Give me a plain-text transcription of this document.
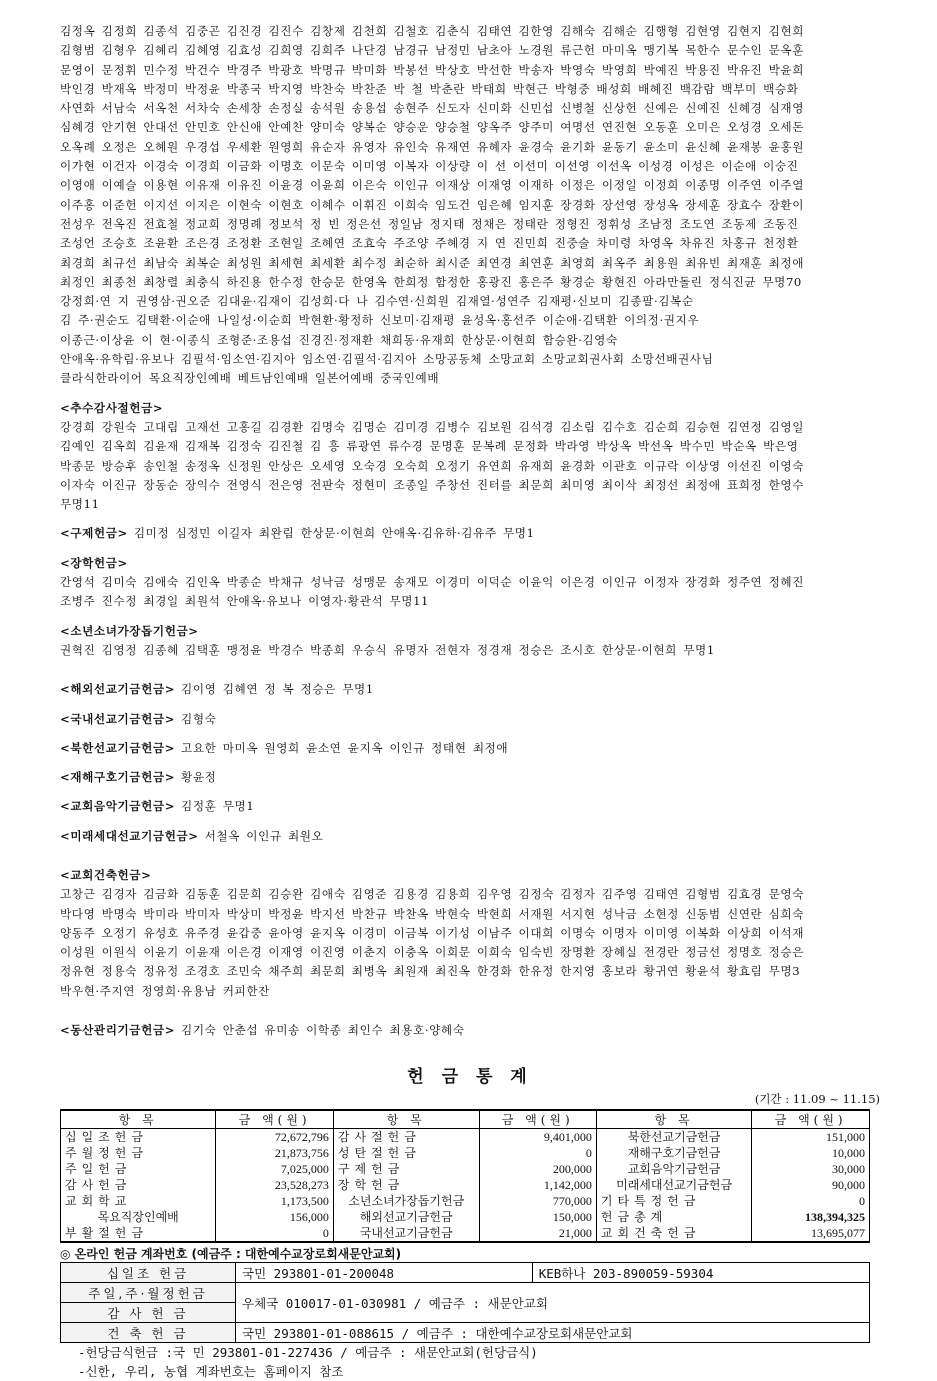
김정옥 김정희 김종석 김중곤 김진경 김진수 김창제 김천희 김철호 김춘식 김태연 김한영 김해숙 김해순 김행형 김현영 김현지 김현희

김형범 김형우 김혜리 김혜영 김효성 김희영 김희주 나단경 남경규 남정민 남초아 노경원 류근헌 마미옥 맹기복 목한수 문수인 문옥훈

문영이 문정휘 민수정 박건수 박경주 박광호 박명규 박미화 박봉선 박상호 박선한 박송자 박영숙 박영희 박예진 박용진 박유진 박윤희

박인경 박재옥 박정미 박정윤 박종국 박지영 박찬숙 박찬준 박 철 박춘란 박태희 박현근 박형중 배성희 배혜진 백감람 백부미 백승화

사연화 서남숙 서옥천 서차숙 손세창 손정실 송석원 송용섭 송현주 신도자 신미화 신민섭 신병철 신상헌 신예은 신예진 신혜경 심재영

심혜경 안기현 안대선 안민호 안신애 안예찬 양미숙 양복순 양승운 양승철 양옥주 양주미 여명선 연진현 오동훈 오미은 오성경 오세돈

오옥례 오정은 오혜원 우경섭 우세환 원영희 유순자 유영자 유인숙 유재연 유혜자 윤경숙 윤기화 윤동기 윤소미 윤신혜 윤재봉 윤홍원

이가현 이건자 이경숙 이경희 이금화 이명호 이문숙 이미영 이복자 이상량 이 선 이선미 이선영 이선옥 이성경 이성은 이순애 이숭진

이영애 이예슬 이용현 이유재 이유진 이윤경 이윤희 이은숙 이인규 이재상 이재영 이재하 이정은 이정일 이정희 이종명 이주연 이주열

이주홍 이준헌 이지선 이지은 이현숙 이현호 이혜수 이휘진 이희숙 임도건 임은혜 임지훈 장경화 장선영 장성옥 장세훈 장효수 장환이

전성우 전옥진 전효철 정교희 정명례 정보석 정 빈 정은선 정일남 정지태 정채은 정태란 정형진 정휘성 조남정 조도연 조동제 조동진

조성언 조승호 조윤환 조은경 조정환 조현일 조혜연 조효숙 주조양 주혜경 지 연 진민희 진중술 차미령 차영옥 차유진 차홍규 천정환

최경희 최규선 최남숙 최복순 최성원 최세현 최세환 최수정 최순하 최시준 최연경 최연훈 최영희 최옥주 최용원 최유빈 최재훈 최정애

최정인 최종천 최창렬 최충식 하진용 한수정 한승문 한영옥 한희정 함정한 홍광진 홍은주 황경순 황현진 아라만돌린 정식진균 무명70

강정희·연 지 권영삼·권오준 김대윤·김재이 김성희·다 나 김수연·신희원 김재열·성연주 김재평·신보미 김종팔·김복순

김 주·권순도 김택환·이순애 나일성·이순희 박현환·황정하 신보미·김재평 윤성옥·홍선주 이순애·김택환 이의정·권지우

이종근·이상윤 이 현·이종식 조형준·조용섭 진경진·정재환 채희동·유재희 한상문·이현희 함승완·김영숙

안애옥·유학림·유보나 김필석·임소연·김지아 임소연·김필석·김지아 소망공동체 소망교회 소망교회권사회 소망선배권사님

클라식한라이어 목요직장인예배 베트남인예배 일본어예배 중국인예배

<추수감사절헌금>

강경희 강원숙 고대림 고재선 고홍길 김경환 김명숙 김명순 김미경 김병수 김보원 김석경 김소림 김수호 김순희 김승현 김연정 김영일

김예인 김옥희 김윤재 김재복 김정숙 김진철 김 흥 류광연 류수경 문명훈 문복례 문정화 박라영 박상옥 박선옥 박수민 박순옥 박은영

박종문 방승후 송인철 송정옥 신정원 안상은 오세영 오숙경 오숙희 오정기 유연희 유재희 윤경화 이관호 이규락 이상영 이선진 이영숙

이자숙 이진규 장동순 장익수 전영식 전은영 전판숙 정현미 조종일 주창선 진터를 최문희 최미영 최이삭 최정선 최정애 표희정 한영수

무명11

<구제헌금> 김미정 심정민 이길자 최완림 한상문·이현희 안애옥·김유하·김유주 무명1

<장학헌금>

간영석 김미숙 김애숙 김인옥 박종순 박채규 성낙금 성맹문 송재모 이경미 이덕순 이윤익 이은경 이인규 이정자 장경화 정주연 정혜진

조병주 진수정 최경일 최원석 안애옥·유보나 이영자·황관석 무명11

<소년소녀가장돕기헌금>

권혁진 김영정 김종혜 김택훈 맹정윤 박경수 박종희 우승식 유명자 전현자 정경재 정승은 조시호 한상문·이현희 무명1

<해외선교기금헌금> 김이영 김혜연 정 복 정승은 무명1

<국내선교기금헌금> 김형숙

<북한선교기금헌금> 고요한 마미옥 원영희 윤소연 윤지옥 이인규 정태현 최정애

<재해구호기금헌금> 황윤정

<교회음악기금헌금> 김정훈 무명1

<미래세대선교기금헌금> 서철옥 이인규 최원오

<교회건축헌금>

고창근 김경자 김금화 김동훈 김문희 김승완 김애숙 김영준 김용경 김용희 김우영 김정숙 김정자 김주영 김태연 김형범 김효경 문영숙

박다영 박명숙 박미라 박미자 박상미 박정윤 박지선 박찬규 박찬옥 박현숙 박현희 서재원 서지현 성낙금 소현정 신동범 신연란 심희숙

양동주 오정기 유성호 유주경 윤갑중 윤아영 윤지옥 이경미 이금복 이기성 이남주 이대희 이명숙 이명자 이미영 이복화 이상희 이석재

이성원 이원식 이윤기 이윤재 이은경 이재영 이진영 이춘지 이충옥 이희문 이희숙 임숙빈 장명환 장혜실 전경란 정금선 정명호 정승은

정유현 정용숙 정유정 조경호 조민숙 채주희 최문희 최병옥 최원재 최진옥 한경화 한유정 한지영 홍보라 황귀연 황윤석 황효림 무명3

박우현·주지연 정영희·유용남 커피한잔

<동산관리기금헌금> 김기숙 안춘섭 유미송 이학종 최인수 최용호·양혜숙

헌 금 통 계
(기간 : 11.09 ~ 11.15)
항 목	금 액(원)	항 목	금 액(원)	항 목	금 액(원)
십일조헌금	72,672,796	감사절헌금	9,401,000	북한선교기금헌금	151,000
주월정헌금	21,873,756	성탄절헌금	0	재해구호기금헌금	10,000
주일헌금	7,025,000	구제헌금	200,000	교회음악기금헌금	30,000
감사헌금	23,528,273	장학헌금	1,142,000	미래세대선교기금헌금	90,000
교회학교	1,173,500	소년소녀가장돕기헌금	770,000	기타특정헌금	0
목요직장인예배	156,000	해외선교기금헌금	150,000	헌금총계	138,394,325
부활절헌금	0	국내선교기금헌금	21,000	교회건축헌금	13,695,077
◎ 온라인 헌금 계좌번호 (예금주 : 대한예수교장로회새문안교회)
십일조 헌금	국민 293801-01-200048	KEB하나 203-890059-59304
주일,주·월정헌금	우체국 010017-01-030981 / 예금주 : 새문안교회	
감 사 헌 금		
건 축 헌 금	국민 293801-01-088615 / 예금주 : 대한예수교장로회새문안교회	
-헌당금식헌금 :국 민 293801-01-227436 / 예금주 : 새문안교회(헌당금식)
-신한, 우리, 농협 계좌번호는 홈페이지 참조
